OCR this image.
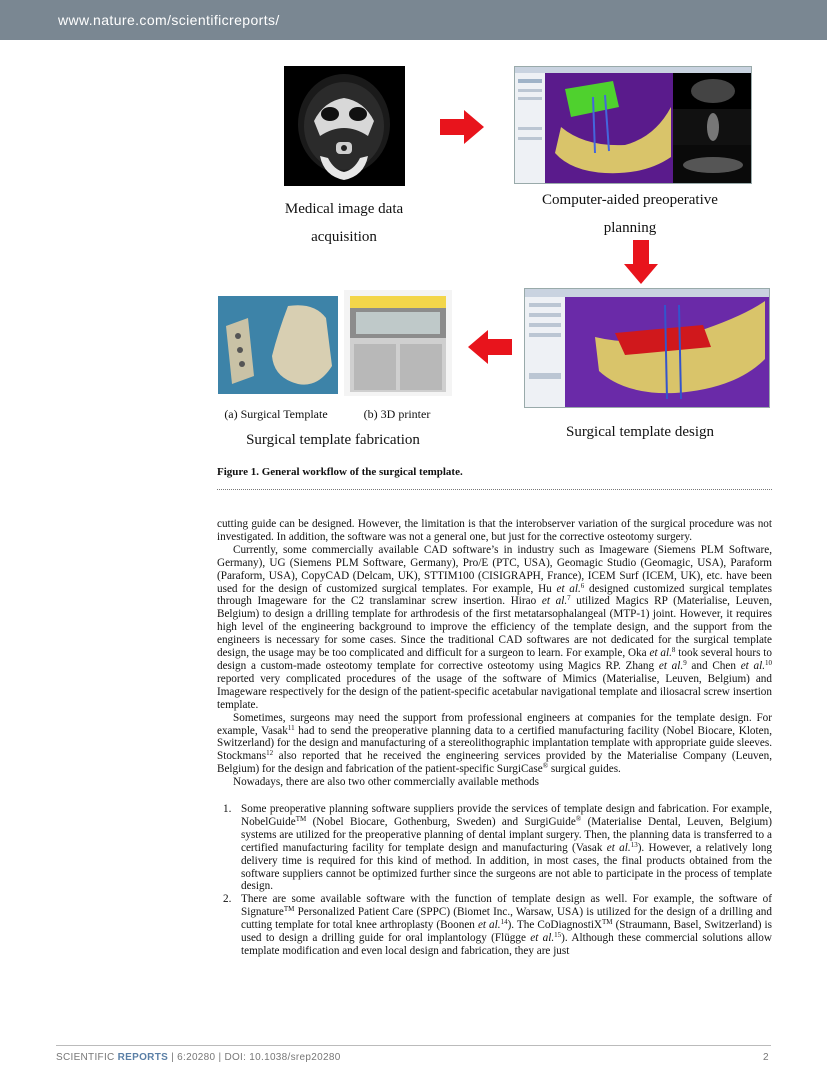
www.nature.com/scientificreports/
Medical image data
acquisition
Computer-aided preoperative
planning
Surgical template design
(a) Surgical Template	(b) 3D printer
Surgical template fabrication
Figure 1. General workflow of the surgical template.

cutting guide can be designed. However, the limitation is that the interobserver variation of the surgical procedure was not investigated. In addition, the software was not a general one, but just for the corrective osteotomy surgery.

Currently, some commercially available CAD software’s in industry such as Imageware (Siemens PLM Software, Germany), UG (Siemens PLM Software, Germany), Pro/E (PTC, USA), Geomagic Studio (Geomagic, USA), Paraform (Paraform, USA), CopyCAD (Delcam, UK), STTIM100 (CISIGRAPH, France), ICEM Surf (ICEM, UK), etc. have been used for the design of customized surgical templates. For example, Hu et al.$^6$ designed customized surgical templates through Imageware for the C2 translaminar screw insertion. Hirao et al.$^7$ utilized Magics RP (Materialise, Leuven, Belgium) to design a drilling template for arthrodesis of the first metatarsophalangeal (MTP-1) joint. However, it requires high level of the engineering background to improve the efficiency of the template design, and the support from the engineers is necessary for some cases. Since the traditional CAD softwares are not dedicated for the surgical template design, the usage may be too complicated and difficult for a surgeon to learn. For example, Oka et al.$^8$ took several hours to design a custom-made osteotomy template for corrective osteotomy using Magics RP. Zhang et al.$^9$ and Chen et al.$^{10}$ reported very complicated procedures of the usage of the software of Mimics (Materialise, Leuven, Belgium) and Imageware respectively for the design of the patient-specific acetabular navigational template and iliosacral screw insertion template.

Sometimes, surgeons may need the support from professional engineers at companies for the template design. For example, Vasak$^{11}$ had to send the preoperative planning data to a certified manufacturing facility (Nobel Biocare, Kloten, Switzerland) for the design and manufacturing of a stereolithographic implantation template with appropriate guide sleeves. Stockmans$^{12}$ also reported that he received the engineering services provided by the Materialise Company (Leuven, Belgium) for the design and fabrication of the patient-specific SurgiCase® surgical guides.

Nowadays, there are also two other commercially available methods

1. Some preoperative planning software suppliers provide the services of template design and fabrication. For example, NobelGuide™ (Nobel Biocare, Gothenburg, Sweden) and SurgiGuide® (Materialise Dental, Leuven, Belgium) systems are utilized for the preoperative planning of dental implant surgery. Then, the planning data is transferred to a certified manufacturing facility for template design and manufacturing (Vasak et al.$^{13}$). However, a relatively long delivery time is required for this kind of method. In addition, in most cases, the final products obtained from the software suppliers cannot be optimized further since the surgeons are not able to participate in the process of template design.
2. There are some available software with the function of template design as well. For example, the software of Signature™ Personalized Patient Care (SPPC) (Biomet Inc., Warsaw, USA) is utilized for the design of a drilling and cutting template for total knee arthroplasty (Boonen et al.$^{14}$). The CoDiagnostiX™ (Straumann, Basel, Switzerland) is used to design a drilling guide for oral implantology (Flügge et al.$^{15}$). Although these commercial solutions allow template modification and even local design and fabrication, they are just
SCIENTIFIC REPORTS | 6:20280 | DOI: 10.1038/srep20280	2
